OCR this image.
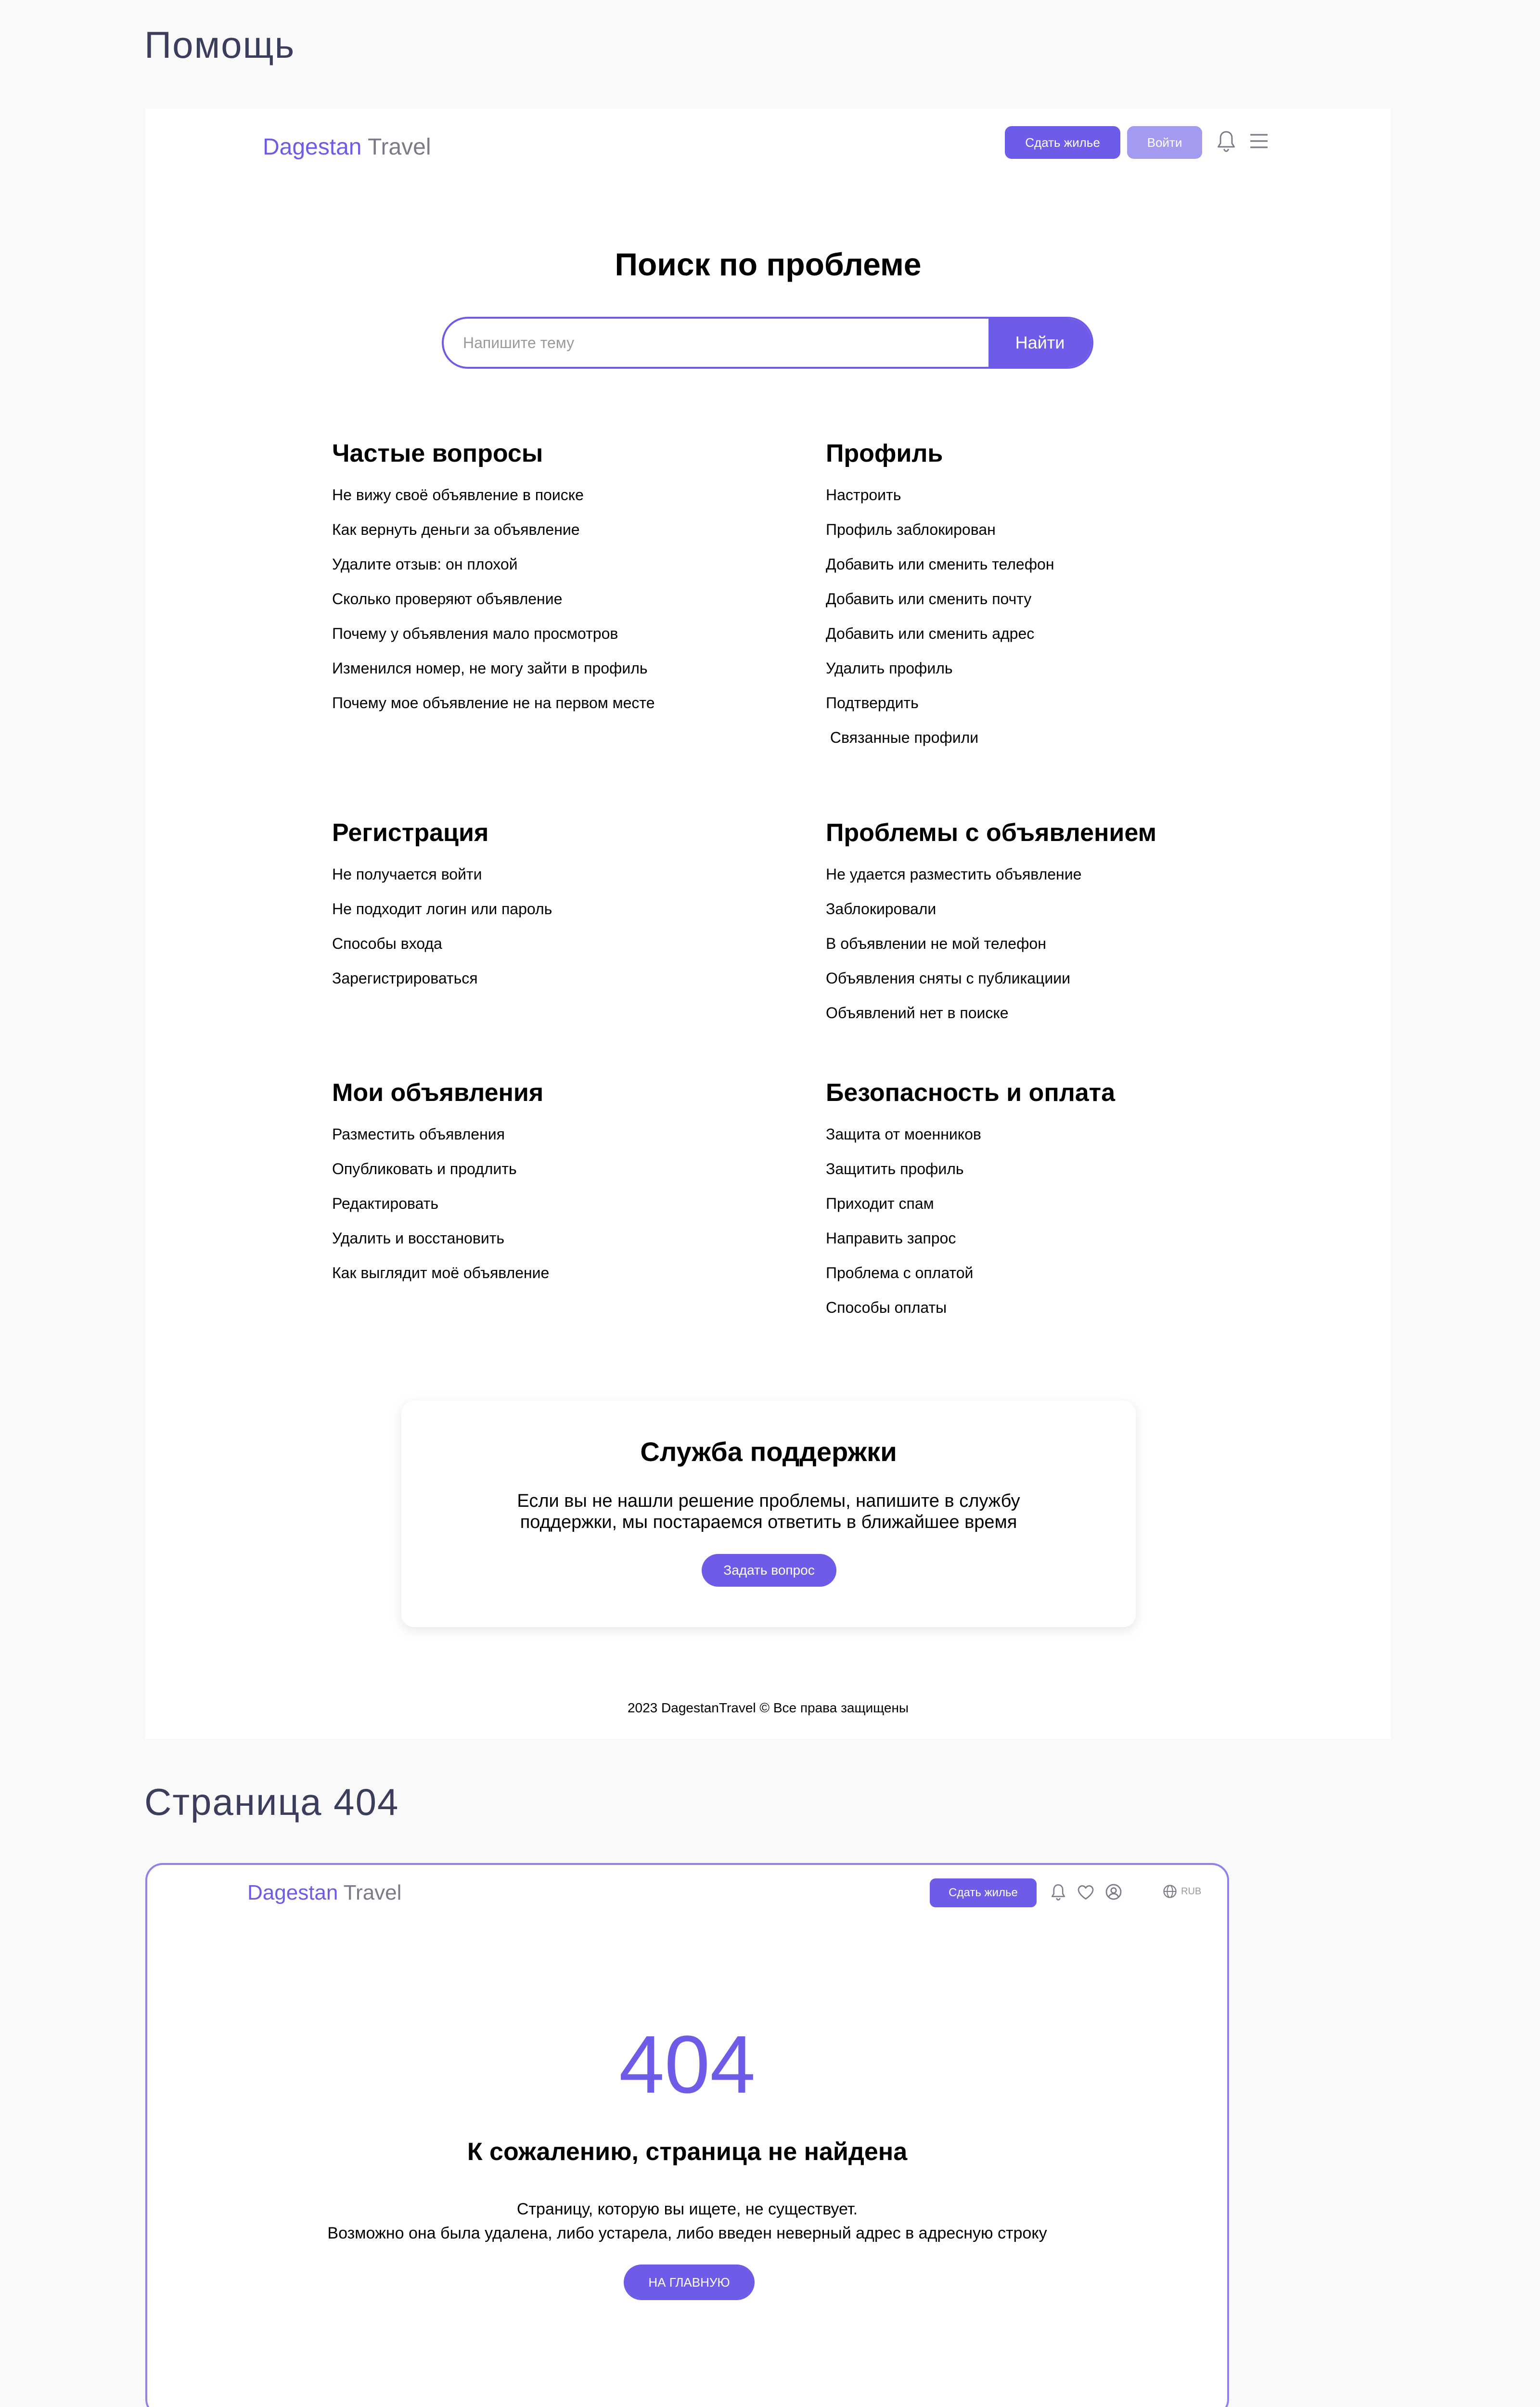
Помощь
Dagestan Travel	Сдать жилье	Войти
Поиск по проблеме
Напишите тему
Найти
Частые вопросы
Не вижу своё объявление в поиске
Как вернуть деньги за объявление
Удалите отзыв: он плохой
Сколько проверяют объявление
Почему у объявления мало просмотров
Изменился номер, не могу зайти в профиль
Почему мое объявление не на первом месте
Профиль
Настроить
Профиль заблокирован
Добавить или сменить телефон
Добавить или сменить почту
Добавить или сменить адрес
Удалить профиль
Подтвердить
Связанные профили
Регистрация
Не получается войти
Не подходит логин или пароль
Способы входа
Зарегистрироваться
Проблемы с объявлением
Не удается разместить объявление
Заблокировали
В объявлении не мой телефон
Объявления сняты с публикациии
Объявлений нет в поиске
Мои объявления
Разместить объявления
Опубликовать и продлить
Редактировать
Удалить и восстановить
Как выглядит моё объявление
Безопасность и оплата
Защита от моенников
Защитить профиль
Приходит спам
Направить запрос
Проблема с оплатой
Способы оплаты
Служба поддержки

Если вы не нашли решение проблемы, напишите в службу поддержки, мы постараемся ответить в ближайшее время

Задать вопрос
2023 DagestanTravel © Все права защищены
Страница 404
Dagestan Travel	Сдать жилье	RUB
404
К сожалению, страница не найдена
Страницу, которую вы ищете, не существует.
Возможно она была удалена, либо устарела, либо введен неверный адрес в адресную строку
НА ГЛАВНУЮ
